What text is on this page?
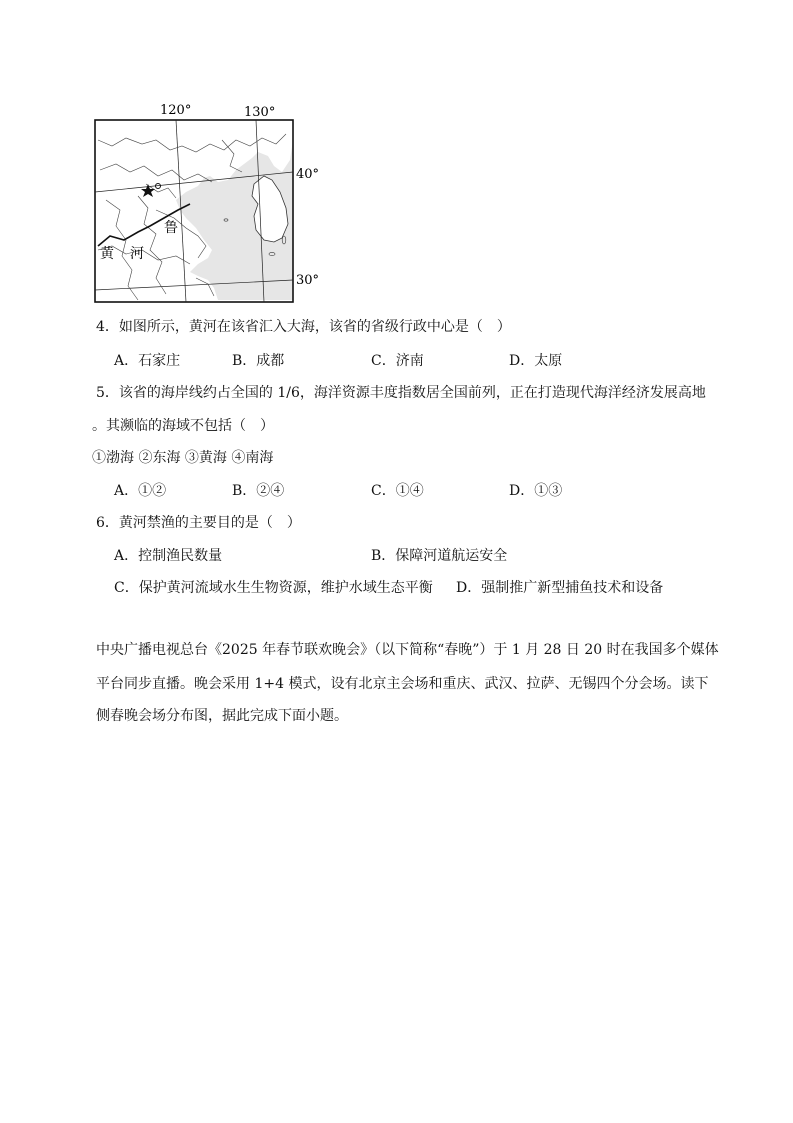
120°	130°
40°
30°
鲁
黄 河
4．如图所示，黄河在该省汇入大海，该省的省级行政中心是（　）
A．石家庄	B．成都	C．济南	D．太原
5．该省的海岸线约占全国的 1/6，海洋资源丰度指数居全国前列，正在打造现代海洋经济发展高地
。其濒临的海域不包括（　）
①渤海 ②东海 ③黄海 ④南海
A．①②	B．②④	C．①④	D．①③
6．黄河禁渔的主要目的是（　）
A．控制渔民数量	B．保障河道航运安全
C．保护黄河流域水生生物资源，维护水域生态平衡 D．强制推广新型捕鱼技术和设备
中央广播电视总台《2025 年春节联欢晚会》（以下简称“春晚”）于 1 月 28 日 20 时在我国多个媒体
平台同步直播。晚会采用 1+4 模式，设有北京主会场和重庆、武汉、拉萨、无锡四个分会场。读下
侧春晚会场分布图，据此完成下面小题。
